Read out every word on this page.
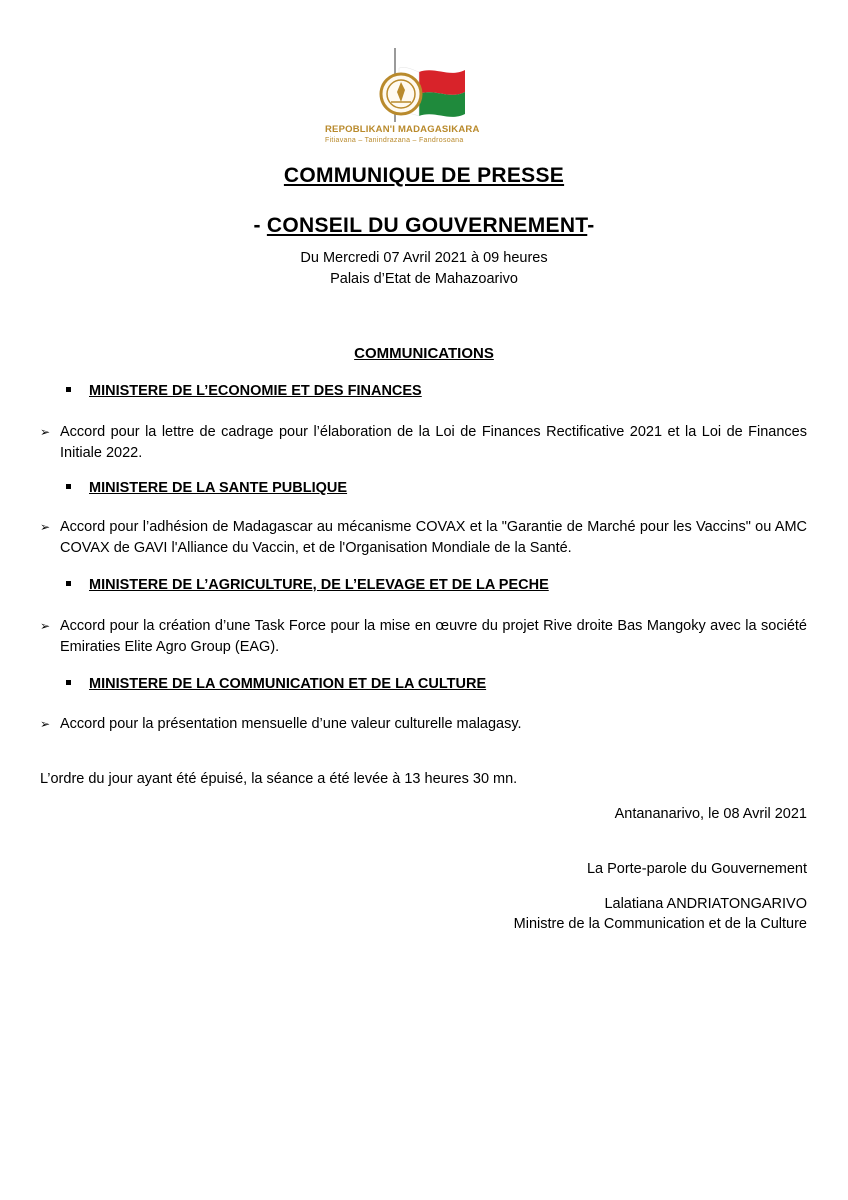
REPOBLIKAN'I MADAGASIKARA
Fitiavana – Tanindrazana – Fandrosoana
COMMUNIQUE DE PRESSE
- CONSEIL DU GOUVERNEMENT-
Du Mercredi 07 Avril 2021 à 09 heures
Palais d’Etat de Mahazoarivo
COMMUNICATIONS
MINISTERE DE L’ECONOMIE ET DES FINANCES
➢ Accord pour la lettre de cadrage pour l’élaboration de la Loi de Finances Rectificative 2021 et la Loi de Finances Initiale 2022.
MINISTERE DE LA SANTE PUBLIQUE
➢ Accord pour l’adhésion de Madagascar au mécanisme COVAX et la "Garantie de Marché pour les Vaccins" ou AMC COVAX de GAVI l'Alliance du Vaccin, et de l'Organisation Mondiale de la Santé.
MINISTERE DE L’AGRICULTURE, DE L’ELEVAGE ET DE LA PECHE
➢ Accord pour la création d’une Task Force pour la mise en œuvre du projet Rive droite Bas Mangoky avec la société Emiraties Elite Agro Group (EAG).
MINISTERE DE LA COMMUNICATION ET DE LA CULTURE
➢ Accord pour la présentation mensuelle d’une valeur culturelle malagasy.
L’ordre du jour ayant été épuisé, la séance a été levée à 13 heures 30 mn.
Antananarivo, le 08 Avril 2021
La Porte-parole du Gouvernement
Lalatiana ANDRIATONGARIVO
Ministre de la Communication et de la Culture
